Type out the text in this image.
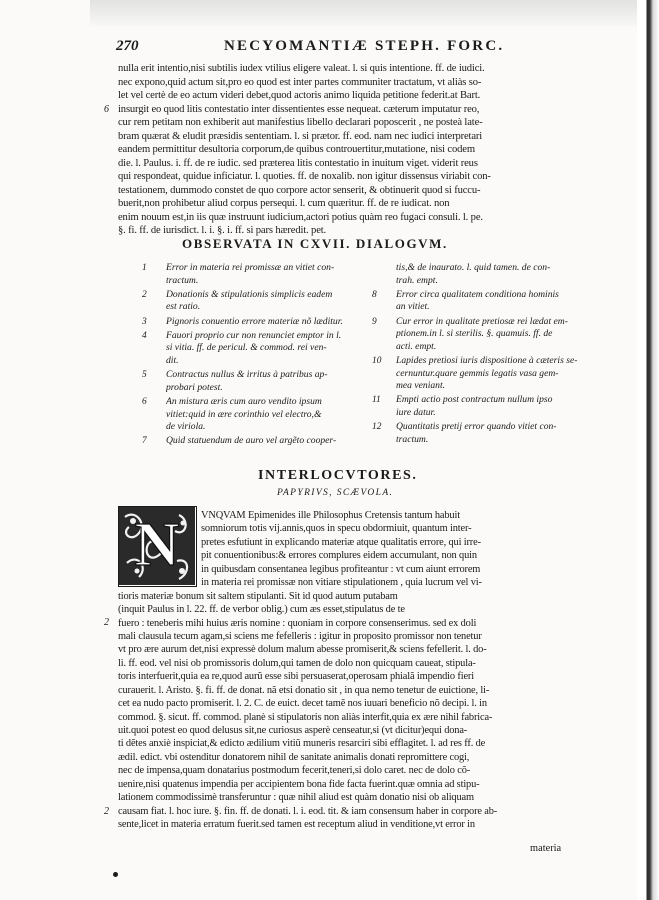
270	NECYOMANTIÆ STEPH. FORC.

nulla erit intentio,nisi subtilis iudex vtilius eligere valeat. l. si quis intentione. ff. de iudici.

nec expono,quid actum sit,pro eo quod est inter partes communiter tractatum, vt aliàs so-

let vel certè de eo actum videri debet,quod actoris animo liquida petitione federit.at Bart.

insurgit eo quod litis contestatio inter dissentientes esse nequeat. cæterum imputatur reo,

cur rem petitam non exhiberit aut manifestius libello declarari poposcerit , ne posteà late-

bram quærat & eludit præsidis sententiam. l. si prætor. ff. eod. nam nec iudici interpretari

eandem permittitur desultoria corporum,de quibus controuertitur,mutatione, nisi codem

die. l. Paulus. i. ff. de re iudic. sed præterea litis contestatio in inuitum viget. viderit reus

qui respondeat, quidue inficiatur. l. quoties. ff. de noxalib. non igitur dissensus viriabit con-

testationem, dummodo constet de quo corpore actor senserit, & obtinuerit quod si fuccu-

buerit,non prohibetur aliud corpus persequi. l. cum quæritur. ff. de re iudicat. non

enim nouum est,in iis quæ instruunt iudicium,actori potius quàm reo fugaci consuli. l. pe.

§. fi. ff. de iurisdict. l. i. §. i. ff. si pars hæredit. pet.

6
OBSERVATA IN CXVII. DIALOGVM.
1	Error in materia rei promissæ an vitiet con-
tractum.
2	Donationis & stipulationis simplicis eadem
est ratio.
3	Pignoris conuentio errore materiæ nõ læditur.
4	Fauori proprio cur non renunciet emptor in l.
si vitia. ff. de pericul. & commod. rei ven-
dit.
5	Contractus nullus & irritus à patribus ap-
probari potest.
6	An mistura æris cum auro vendito ipsum
vitiet:quid in ære corinthio vel electro,&
de viriola.
7	Quid statuendum de auro vel argẽto cooper-
tis,& de inaurato. l. quid tamen. de con-
trah. empt.
8	Error circa qualitatem conditiona hominis
an vitiet.
9	Cur error in qualitate pretiosæ rei lædat em-
ptionem.in l. si sterilis. §. quamuis. ff. de
acti. empt.
10	Lapides pretiosi iuris dispositione à cæteris se-
cernuntur.quare gemmis legatis vasa gem-
mea veniant.
11	Empti actio post contractum nullum ipso
iure datur.
12	Quantitatis pretij error quando vitiet con-
tractum.
INTERLOCVTORES.
PAPYRIVS, SCÆVOLA.
N	VNQVAM Epimenides ille Philosophus Cretensis tantum habuit

somniorum totis vij.annis,quos in specu obdormiuit, quantum inter-

pretes esfutiunt in explicando materiæ atque qualitatis errore, qui irre-

pit conuentionibus:& errores complures eidem accumulant, non quin

in quibusdam consentanea legibus profiteantur : vt cum aiunt errorem

in materia rei promissæ non vitiare stipulationem , quia lucrum vel vi-

tioris materiæ bonum sit saltem stipulanti. Sit id quod autum putabam

(inquit Paulus in l. 22. ff. de verbor oblig.) cum æs esset,stipulatus de te

fuero : teneberis mihi huius æris nomine : quoniam in corpore consenserimus. sed ex doli

mali clausula tecum agam,si sciens me fefelleris : igitur in proposito promissor non tenetur

vt pro ære aurum det,nisi expressè dolum malum abesse promiserit,& sciens fefellerit. l. do-

li. ff. eod. vel nisi ob promissoris dolum,qui tamen de dolo non quicquam caueat, stipula-

toris interfuerit,quia ea re,quod aurũ esse sibi persuaserat,operosam phialã impendio fieri

curauerit. l. Aristo. §. fi. ff. de donat. nã etsi donatio sit , in qua nemo tenetur de euictione, li-

cet ea nudo pacto promiserit. l. 2. C. de euict. decet tamẽ nos iuuari beneficio nõ decipi. l. in

commod. §. sicut. ff. commod. planè si stipulatoris non aliàs interfit,quia ex ære nihil fabrica-

uit.quoi potest eo quod delusus sit,ne curiosus asperè censeatur,si (vt dicitur)equi dona-

ti dẽtes anxiè inspiciat,& edicto ædilium vitiũ muneris resarciri sibi efflagitet. l. ad res ff. de

ædil. edict. vbi ostenditur donatorem nihil de sanitate animalis donati repromittere cogi,

nec de impensa,quam donatarius postmodum fecerit,teneri,si dolo caret. nec de dolo cõ-

uenire,nisi quatenus impendia per accipientem bona fide facta fuerint.quæ omnia ad stipu-

lationem commodissimè transferuntur : quæ nihil aliud est quàm donatio nisi ob aliquam

causam fiat. l. hoc iure. §. fin. ff. de donati. l. i. eod. tit. & iam consensum haber in corpore ab-

sente,licet in materia erratum fuerit.sed tamen est receptum aliud in venditione,vt error in

2
2
materia
